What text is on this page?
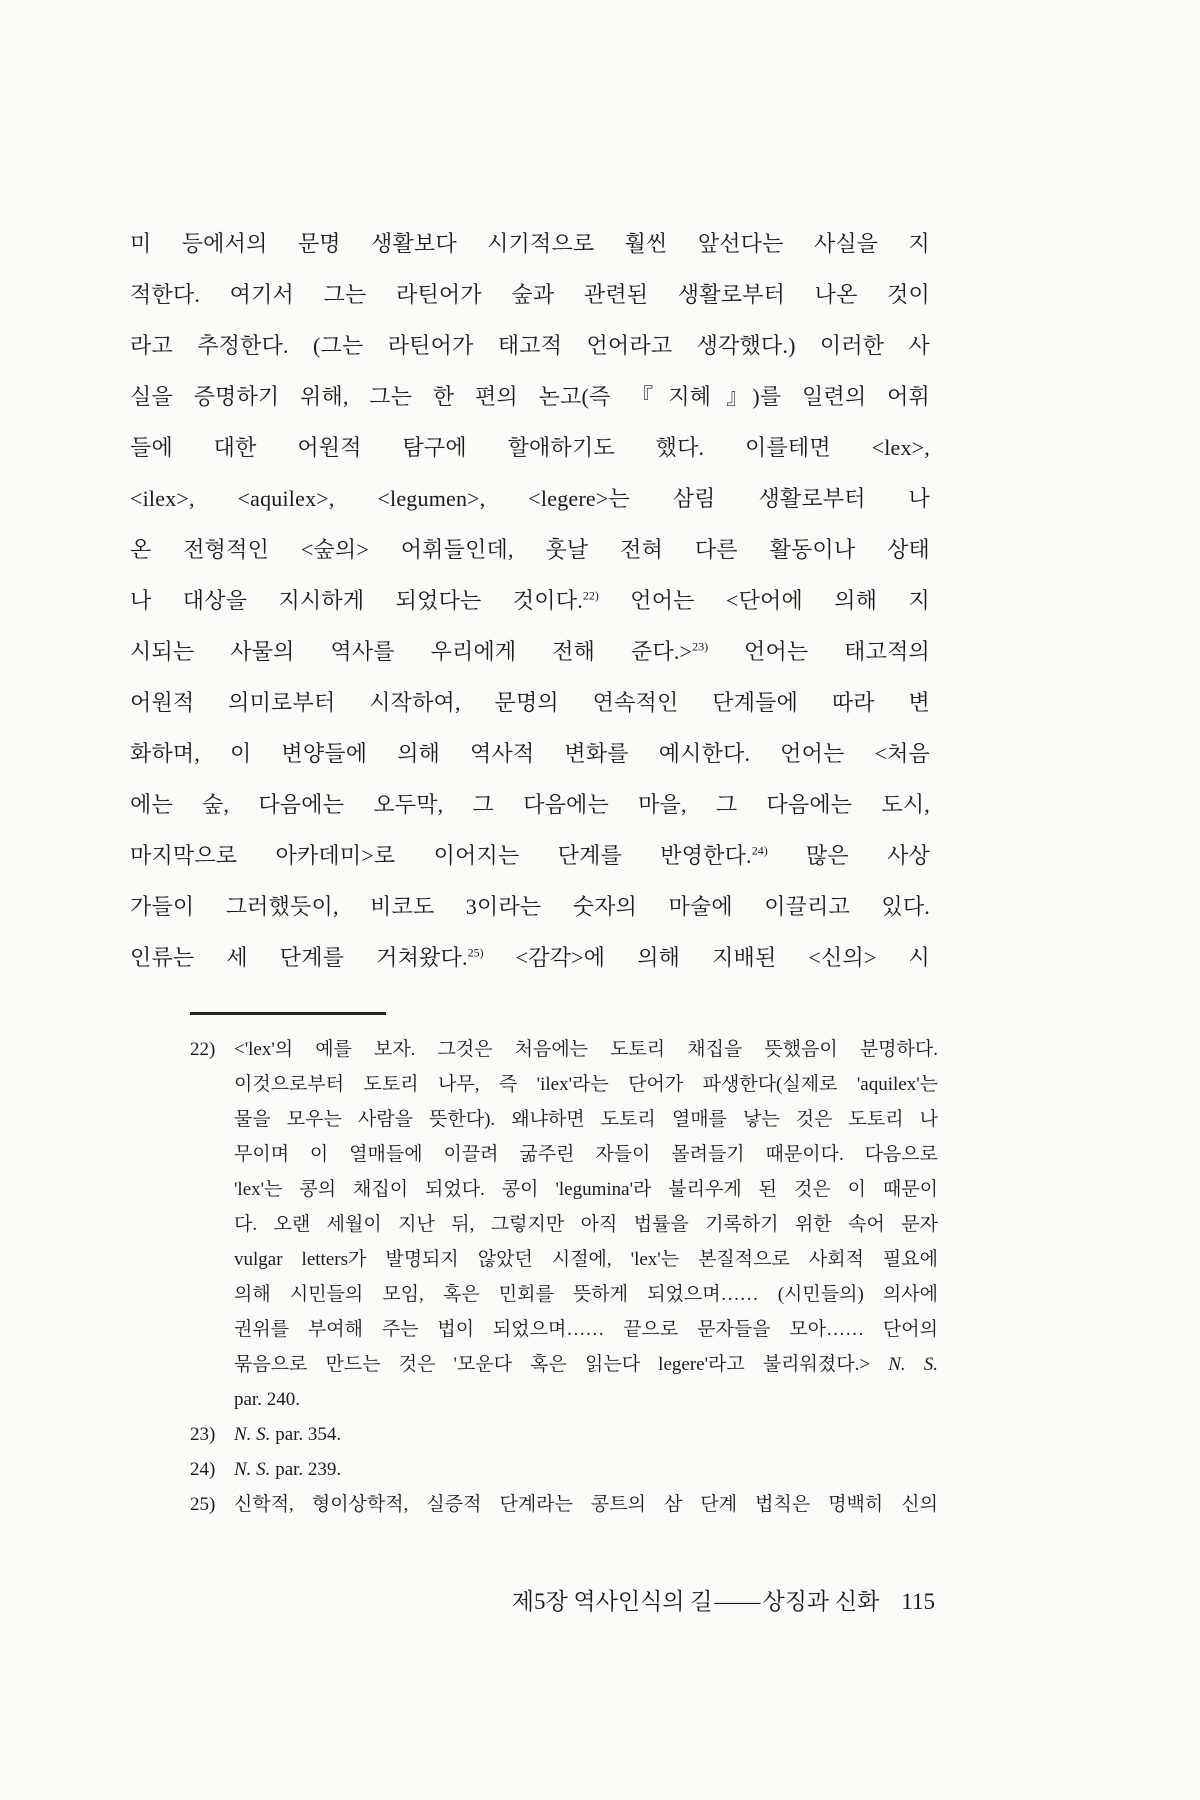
미 등에서의 문명 생활보다 시기적으로 훨씬 앞선다는 사실을 지
적한다. 여기서 그는 라틴어가 숲과 관련된 생활로부터 나온 것이
라고 추정한다. (그는 라틴어가 태고적 언어라고 생각했다.) 이러한 사
실을 증명하기 위해, 그는 한 편의 논고(즉 『지혜』)를 일련의 어휘
들에 대한 어원적 탐구에 할애하기도 했다. 이를테면 <lex>,
<ilex>, <aquilex>, <legumen>, <legere>는 삼림 생활로부터 나
온 전형적인 <숲의> 어휘들인데, 훗날 전혀 다른 활동이나 상태
나 대상을 지시하게 되었다는 것이다.$^{22)}$ 언어는 <단어에 의해 지
시되는 사물의 역사를 우리에게 전해 준다.>$^{23)}$ 언어는 태고적의
어원적 의미로부터 시작하여, 문명의 연속적인 단계들에 따라 변
화하며, 이 변양들에 의해 역사적 변화를 예시한다. 언어는 <처음
에는 숲, 다음에는 오두막, 그 다음에는 마을, 그 다음에는 도시,
마지막으로 아카데미>로 이어지는 단계를 반영한다.$^{24)}$ 많은 사상
가들이 그러했듯이, 비코도 3이라는 숫자의 마술에 이끌리고 있다.
인류는 세 단계를 거쳐왔다.$^{25)}$ <감각>에 의해 지배된 <신의> 시
22) <'lex'의 예를 보자. 그것은 처음에는 도토리 채집을 뜻했음이 분명하다.
이것으로부터 도토리 나무, 즉 'ilex'라는 단어가 파생한다(실제로 'aquilex'는
물을 모우는 사람을 뜻한다). 왜냐하면 도토리 열매를 낳는 것은 도토리 나
무이며 이 열매들에 이끌려 굶주린 자들이 몰려들기 때문이다. 다음으로
'lex'는 콩의 채집이 되었다. 콩이 'legumina'라 불리우게 된 것은 이 때문이
다. 오랜 세월이 지난 뒤, 그렇지만 아직 법률을 기록하기 위한 속어 문자
vulgar letters가 발명되지 않았던 시절에, 'lex'는 본질적으로 사회적 필요에
의해 시민들의 모임, 혹은 민회를 뜻하게 되었으며…… (시민들의) 의사에
권위를 부여해 주는 법이 되었으며…… 끝으로 문자들을 모아…… 단어의
묶음으로 만드는 것은 '모운다 혹은 읽는다 legere'라고 불리워졌다.> N. S.
par. 240.
23) N. S. par. 354.
24) N. S. par. 239.
25) 신학적, 형이상학적, 실증적 단계라는 콩트의 삼 단계 법칙은 명백히 신의
제5장 역사인식의 길——상징과 신화 115
